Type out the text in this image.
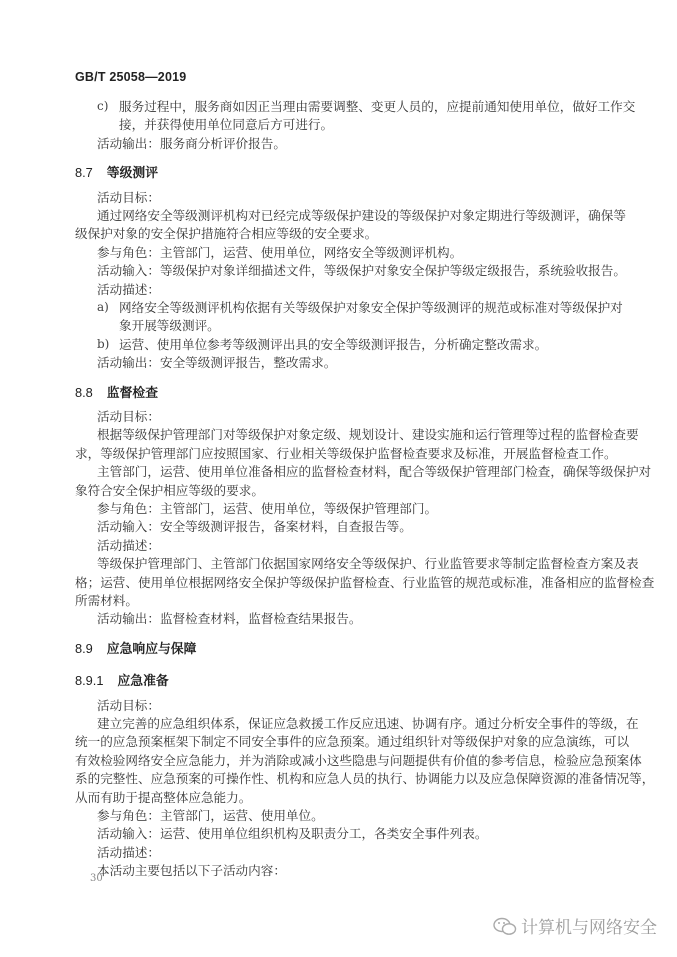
GB/T 25058—2019
c) 服务过程中，服务商如因正当理由需要调整、变更人员的，应提前通知使用单位，做好工作交
接，并获得使用单位同意后方可进行。
活动输出：服务商分析评价报告。
8.7 等级测评
活动目标：
通过网络安全等级测评机构对已经完成等级保护建设的等级保护对象定期进行等级测评，确保等
级保护对象的安全保护措施符合相应等级的安全要求。
参与角色：主管部门，运营、使用单位，网络安全等级测评机构。
活动输入：等级保护对象详细描述文件，等级保护对象安全保护等级定级报告，系统验收报告。
活动描述：
a) 网络安全等级测评机构依据有关等级保护对象安全保护等级测评的规范或标准对等级保护对
象开展等级测评。
b) 运营、使用单位参考等级测评出具的安全等级测评报告，分析确定整改需求。
活动输出：安全等级测评报告，整改需求。
8.8 监督检查
活动目标：
根据等级保护管理部门对等级保护对象定级、规划设计、建设实施和运行管理等过程的监督检查要
求，等级保护管理部门应按照国家、行业相关等级保护监督检查要求及标准，开展监督检查工作。
主管部门，运营、使用单位准备相应的监督检查材料，配合等级保护管理部门检查，确保等级保护对
象符合安全保护相应等级的要求。
参与角色：主管部门，运营、使用单位，等级保护管理部门。
活动输入：安全等级测评报告，备案材料，自查报告等。
活动描述：
等级保护管理部门、主管部门依据国家网络安全等级保护、行业监管要求等制定监督检查方案及表
格；运营、使用单位根据网络安全保护等级保护监督检查、行业监管的规范或标准，准备相应的监督检查
所需材料。
活动输出：监督检查材料，监督检查结果报告。
8.9 应急响应与保障
8.9.1 应急准备
活动目标：
建立完善的应急组织体系，保证应急救援工作反应迅速、协调有序。通过分析安全事件的等级，在
统一的应急预案框架下制定不同安全事件的应急预案。通过组织针对等级保护对象的应急演练，可以
有效检验网络安全应急能力，并为消除或减小这些隐患与问题提供有价值的参考信息，检验应急预案体
系的完整性、应急预案的可操作性、机构和应急人员的执行、协调能力以及应急保障资源的准备情况等，
从而有助于提高整体应急能力。
参与角色：主管部门，运营、使用单位。
活动输入：运营、使用单位组织机构及职责分工，各类安全事件列表。
活动描述：
本活动主要包括以下子活动内容：
30
计算机与网络安全
